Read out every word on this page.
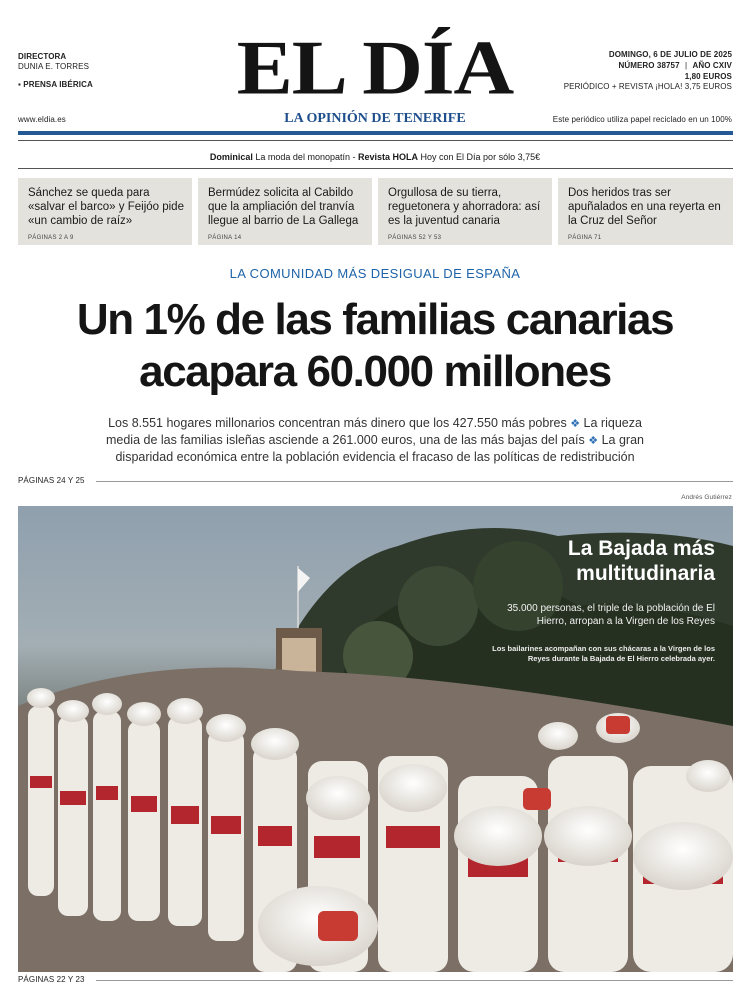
DIRECTORA
DUNIA E. TORRES
▪ PRENSA IBÉRICA
www.eldia.es
EL DÍA
LA OPINIÓN DE TENERIFE
DOMINGO, 6 DE JULIO DE 2025
NÚMERO 38757 | AÑO CXIV
1,80 EUROS
PERIÓDICO + REVISTA ¡HOLA! 3,75 EUROS
Este periódico utiliza papel reciclado en un 100%
Dominical La moda del monopatín - Revista HOLA Hoy con El Día por sólo 3,75€
Sánchez se queda para «salvar el barco» y Feijóo pide «un cambio de raíz»
PÁGINAS 2 A 9
Bermúdez solicita al Cabildo que la ampliación del tranvía llegue al barrio de La Gallega
PÁGINA 14
Orgullosa de su tierra, reguetonera y ahorradora: así es la juventud canaria
PÁGINAS 52 Y 53
Dos heridos tras ser apuñalados en una reyerta en la Cruz del Señor
PÁGINA 71
LA COMUNIDAD MÁS DESIGUAL DE ESPAÑA
Un 1% de las familias canarias acapara 60.000 millones
Los 8.551 hogares millonarios concentran más dinero que los 427.550 más pobres ❖ La riqueza media de las familias isleñas asciende a 261.000 euros, una de las más bajas del país ❖ La gran disparidad económica entre la población evidencia el fracaso de las políticas de redistribución
PÁGINAS 24 Y 25
Andrés Gutiérrez
La Bajada más multitudinaria
35.000 personas, el triple de la población de El Hierro, arropan a la Virgen de los Reyes
Los bailarines acompañan con sus chácaras a la Virgen de los Reyes durante la Bajada de El Hierro celebrada ayer.
PÁGINAS 22 Y 23
